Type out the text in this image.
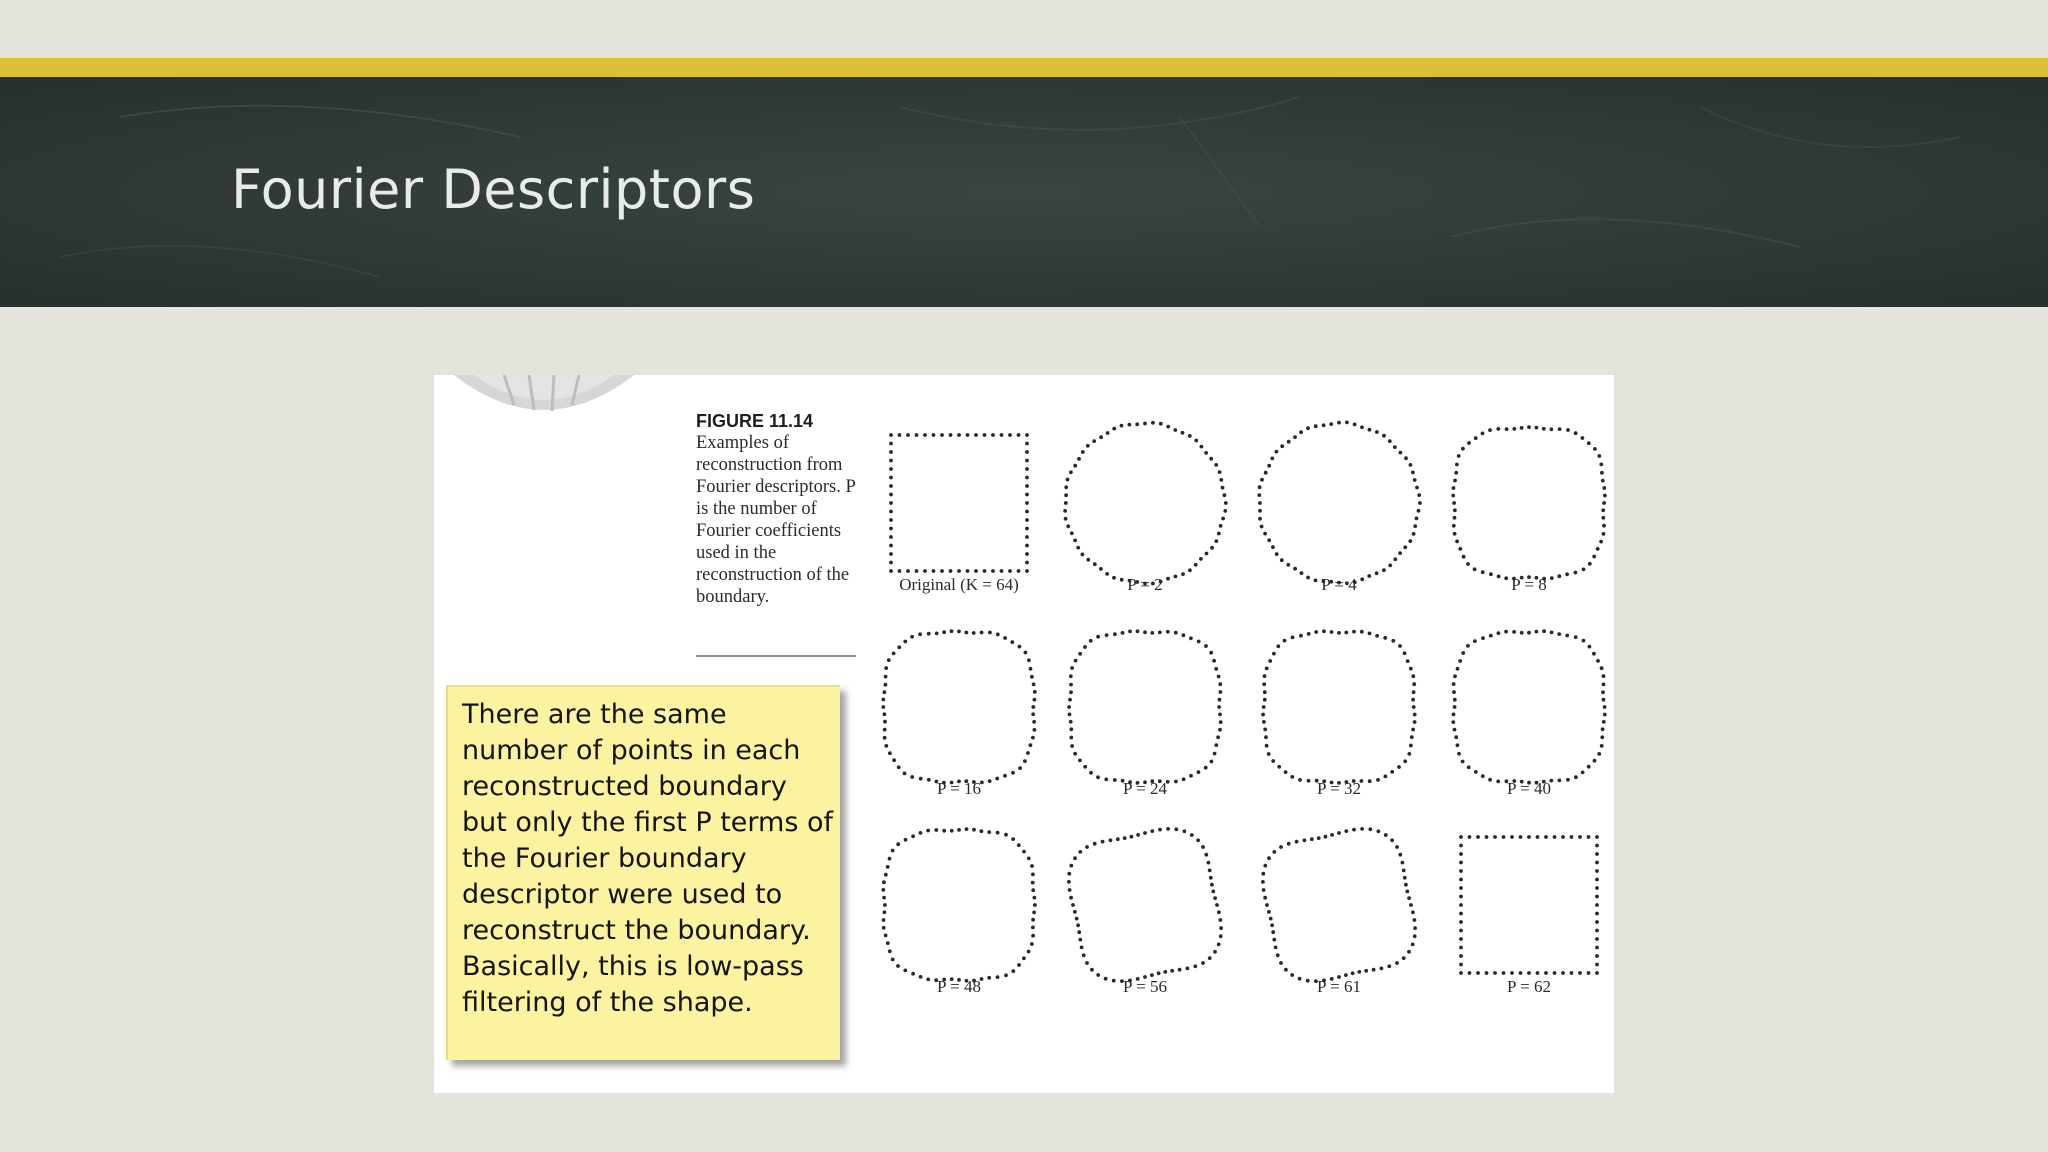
Fourier Descriptors
FIGURE 11.14
Examples of reconstruction from Fourier descriptors. P is the number of Fourier coefficients used in the reconstruction of the boundary.
Original (K = 64)	P = 2	P = 4	P = 8
P = 16	P = 24	P = 32	P = 40
P = 48	P = 56	P = 61	P = 62
There are the same number of points in each reconstructed boundary but only the first P terms of the Fourier boundary descriptor were used to reconstruct the boundary. Basically, this is low-pass filtering of the shape.
